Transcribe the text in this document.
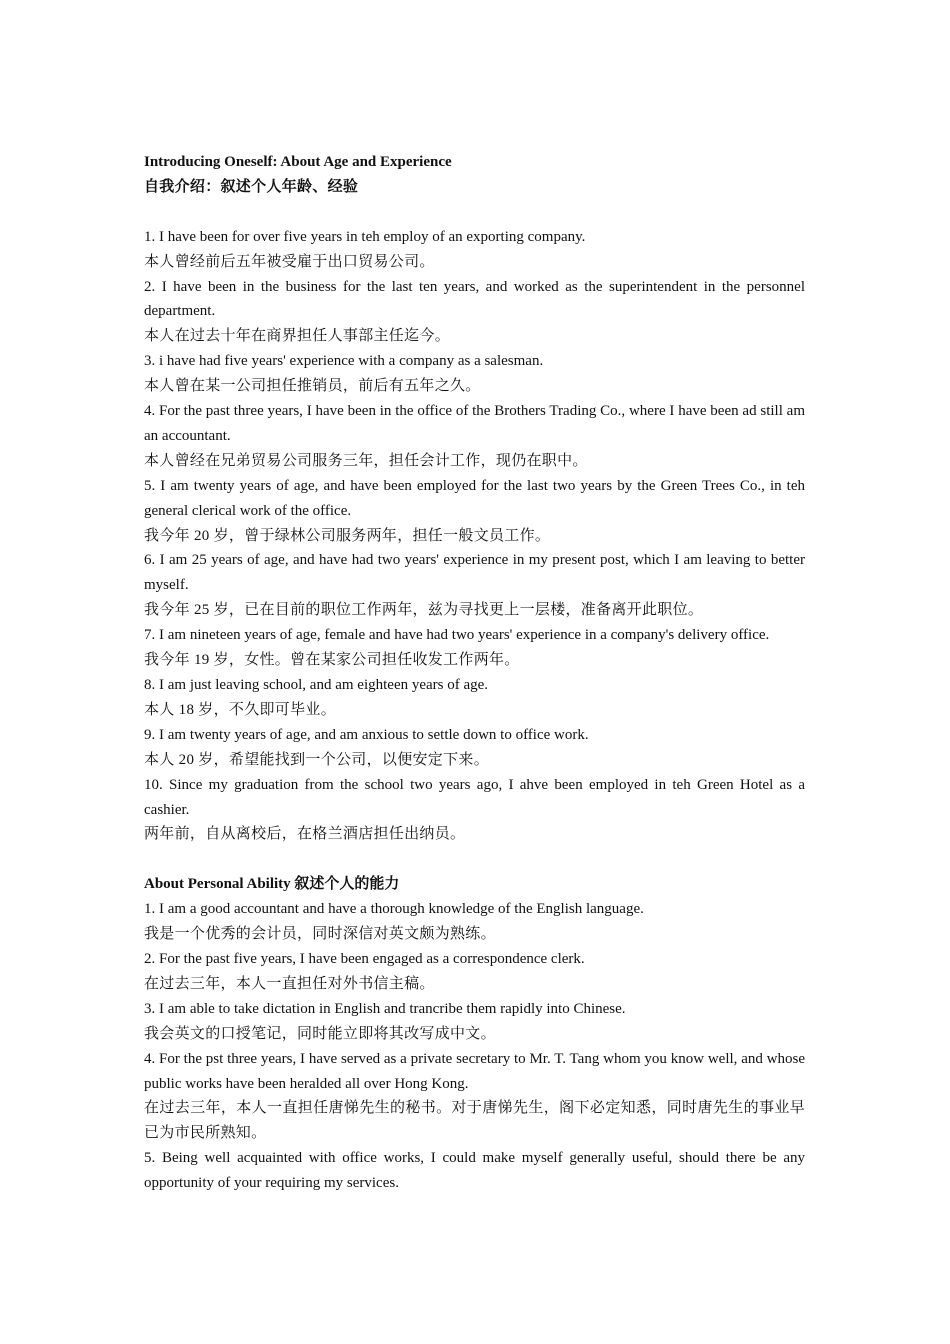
Introducing Oneself: About Age and Experience

自我介绍：叙述个人年龄、经验

1. I have been for over five years in teh employ of an exporting company.

本人曾经前后五年被受雇于出口贸易公司。

2. I have been in the business for the last ten years, and worked as the superintendent in the personnel department.

本人在过去十年在商界担任人事部主任迄今。

3. i have had five years' experience with a company as a salesman.

本人曾在某一公司担任推销员，前后有五年之久。

4. For the past three years, I have been in the office of the Brothers Trading Co., where I have been ad still am an accountant.

本人曾经在兄弟贸易公司服务三年，担任会计工作，现仍在职中。

5. I am twenty years of age, and have been employed for the last two years by the Green Trees Co., in teh general clerical work of the office.

我今年 20 岁，曾于绿林公司服务两年，担任一般文员工作。

6. I am 25 years of age, and have had two years' experience in my present post, which I am leaving to better myself.

我今年 25 岁，已在目前的职位工作两年，兹为寻找更上一层楼，准备离开此职位。

7. I am nineteen years of age, female and have had two years' experience in a company's delivery office.

我今年 19 岁，女性。曾在某家公司担任收发工作两年。

8. I am just leaving school, and am eighteen years of age.

本人 18 岁，不久即可毕业。

9. I am twenty years of age, and am anxious to settle down to office work.

本人 20 岁，希望能找到一个公司，以便安定下来。

10. Since my graduation from the school two years ago, I ahve been employed in teh Green Hotel as a cashier.

两年前，自从离校后，在格兰酒店担任出纳员。

About Personal Ability 叙述个人的能力

1. I am a good accountant and have a thorough knowledge of the English language.

我是一个优秀的会计员，同时深信对英文颇为熟练。

2. For the past five years, I have been engaged as a correspondence clerk.

在过去三年，本人一直担任对外书信主稿。

3. I am able to take dictation in English and trancribe them rapidly into Chinese.

我会英文的口授笔记，同时能立即将其改写成中文。

4. For the pst three years, I have served as a private secretary to Mr. T. Tang whom you know well, and whose public works have been heralded all over Hong Kong.

在过去三年，本人一直担任唐悌先生的秘书。对于唐悌先生，阁下必定知悉，同时唐先生的事业早已为市民所熟知。

5. Being well acquainted with office works, I could make myself generally useful, should there be any opportunity of your requiring my services.
